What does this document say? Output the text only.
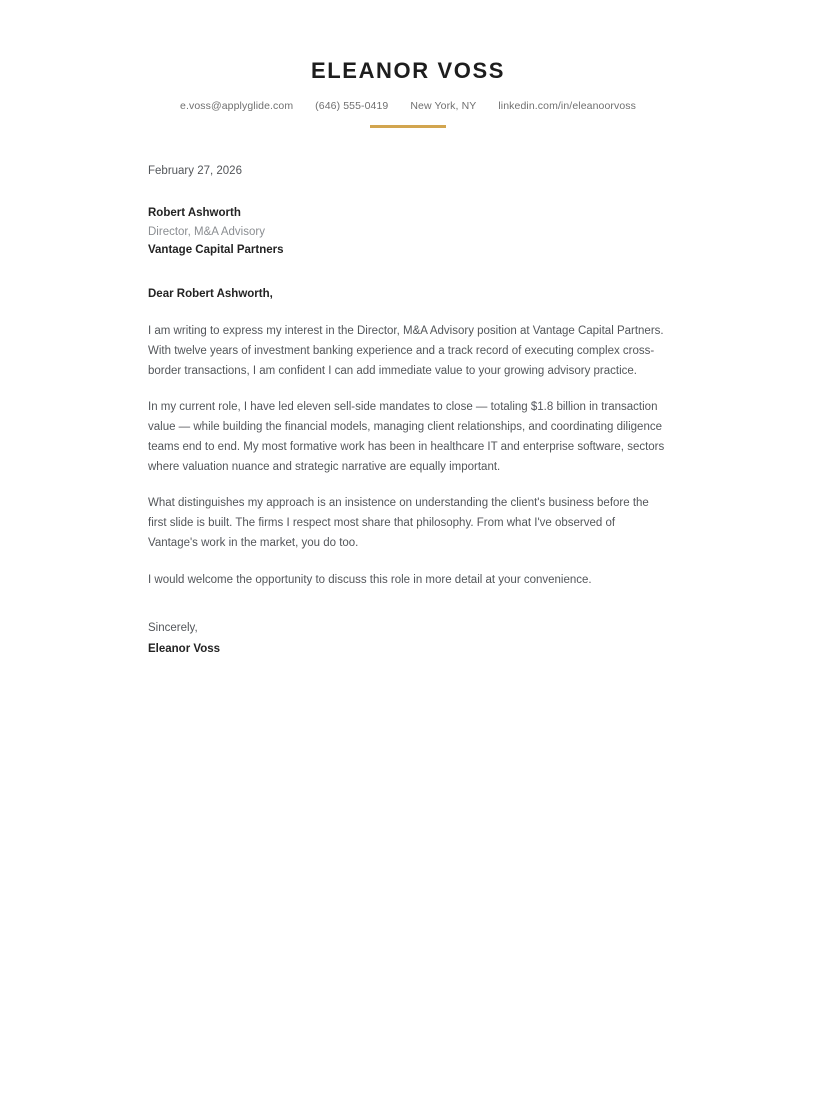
ELEANOR VOSS
e.voss@applyglide.com (646) 555-0419 New York, NY linkedin.com/in/eleanoorvoss

February 27, 2026

Robert Ashworth
Director, M&A Advisory
Vantage Capital Partners
Dear Robert Ashworth,

I am writing to express my interest in the Director, M&A Advisory position at Vantage Capital Partners. With twelve years of investment banking experience and a track record of executing complex cross-border transactions, I am confident I can add immediate value to your growing advisory practice.

In my current role, I have led eleven sell-side mandates to close — totaling $1.8 billion in transaction value — while building the financial models, managing client relationships, and coordinating diligence teams end to end. My most formative work has been in healthcare IT and enterprise software, sectors where valuation nuance and strategic narrative are equally important.

What distinguishes my approach is an insistence on understanding the client's business before the first slide is built. The firms I respect most share that philosophy. From what I've observed of Vantage's work in the market, you do too.

I would welcome the opportunity to discuss this role in more detail at your convenience.

Sincerely,
Eleanor Voss
